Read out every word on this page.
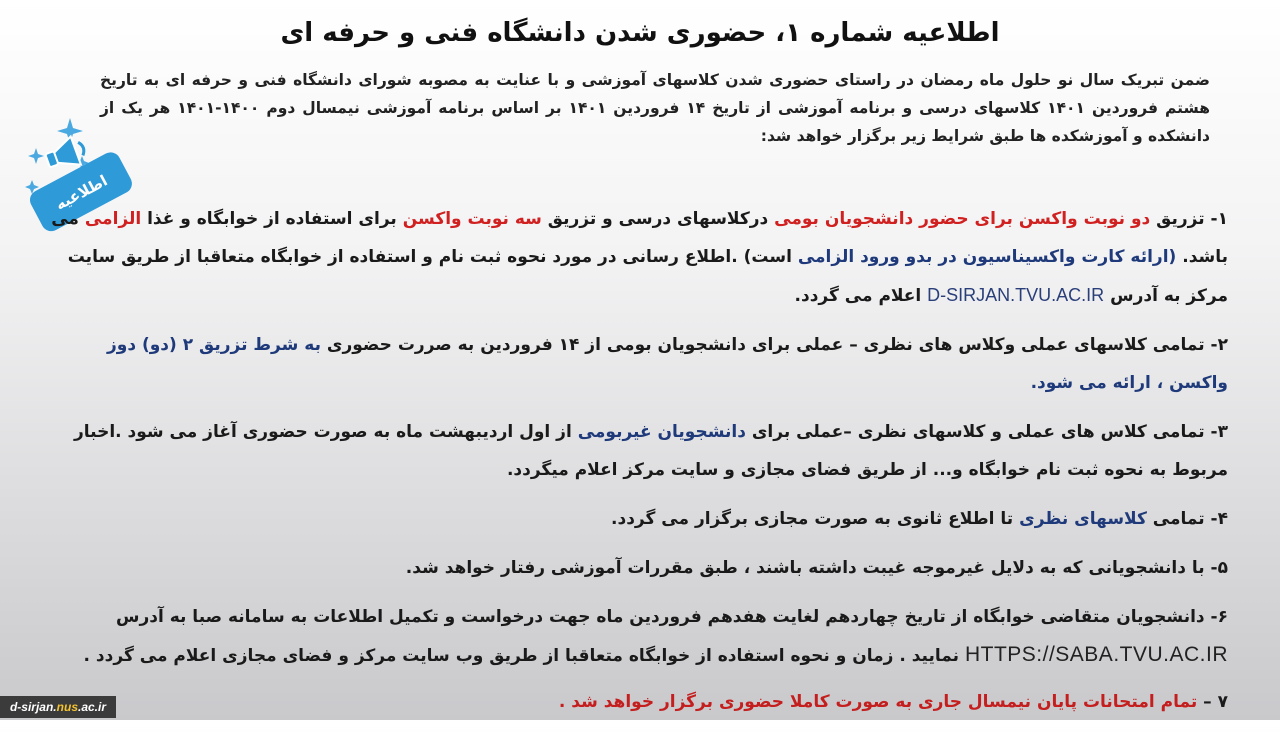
اطلاعیه شماره ۱، حضوری شدن دانشگاه فنی و حرفه ای
ضمن تبریک سال نو حلول ماه رمضان در راستای حضوری شدن کلاسهای آموزشی و با عنایت به مصوبه شورای دانشگاه فنی و حرفه ای به تاریخ هشتم فروردین ۱۴۰۱ کلاسهای درسی و برنامه آموزشی از تاریخ ۱۴ فروردین ۱۴۰۱ بر اساس برنامه آموزشی نیمسال دوم ۱۴۰۰-۱۴۰۱ هر یک از دانشکده و آموزشکده ها طبق شرایط زیر برگزار خواهد شد:
اطلاعیه
۱- تزریق دو نوبت واکسن برای حضور دانشجویان بومی درکلاسهای درسی و تزریق سه نوبت واکسن برای استفاده از خوابگاه و غذا الزامی می باشد. (ارائه کارت واکسیناسیون در بدو ورود الزامی است) .اطلاع رسانی در مورد نحوه ثبت نام و استفاده از خوابگاه متعاقبا از طریق سایت مرکز به آدرس D-SIRJAN.TVU.AC.IR اعلام می گردد.
۲- تمامی کلاسهای عملی وکلاس های نظری – عملی برای دانشجویان بومی از ۱۴ فروردین به صررت حضوری به شرط تزریق ۲ (دو) دوز واکسن ، ارائه می شود.
۳- تمامی کلاس های عملی و کلاسهای نظری –عملی برای دانشجویان غیربومی از اول اردیبهشت ماه به صورت حضوری آغاز می شود .اخبار مربوط به نحوه ثبت نام خوابگاه و... از طریق فضای مجازی و سایت مرکز اعلام میگردد.
۴- تمامی کلاسهای نظری تا اطلاع ثانوی به صورت مجازی برگزار می گردد.
۵- با دانشجویانی که به دلایل غیرموجه غیبت داشته باشند ، طبق مقررات آموزشی رفتار خواهد شد.
۶- دانشجویان متقاضی خوابگاه از تاریخ چهاردهم لغایت هفدهم فروردین ماه جهت درخواست و تکمیل اطلاعات به سامانه صبا به آدرس HTTPS://SABA.TVU.AC.IR نمایید . زمان و نحوه استفاده از خوابگاه متعاقبا از طریق وب سایت مرکز و فضای مجازی اعلام می گردد .
۷ – تمام امتحانات پایان نیمسال جاری به صورت کاملا حضوری برگزار خواهد شد .
d-sirjan.nus.ac.ir
